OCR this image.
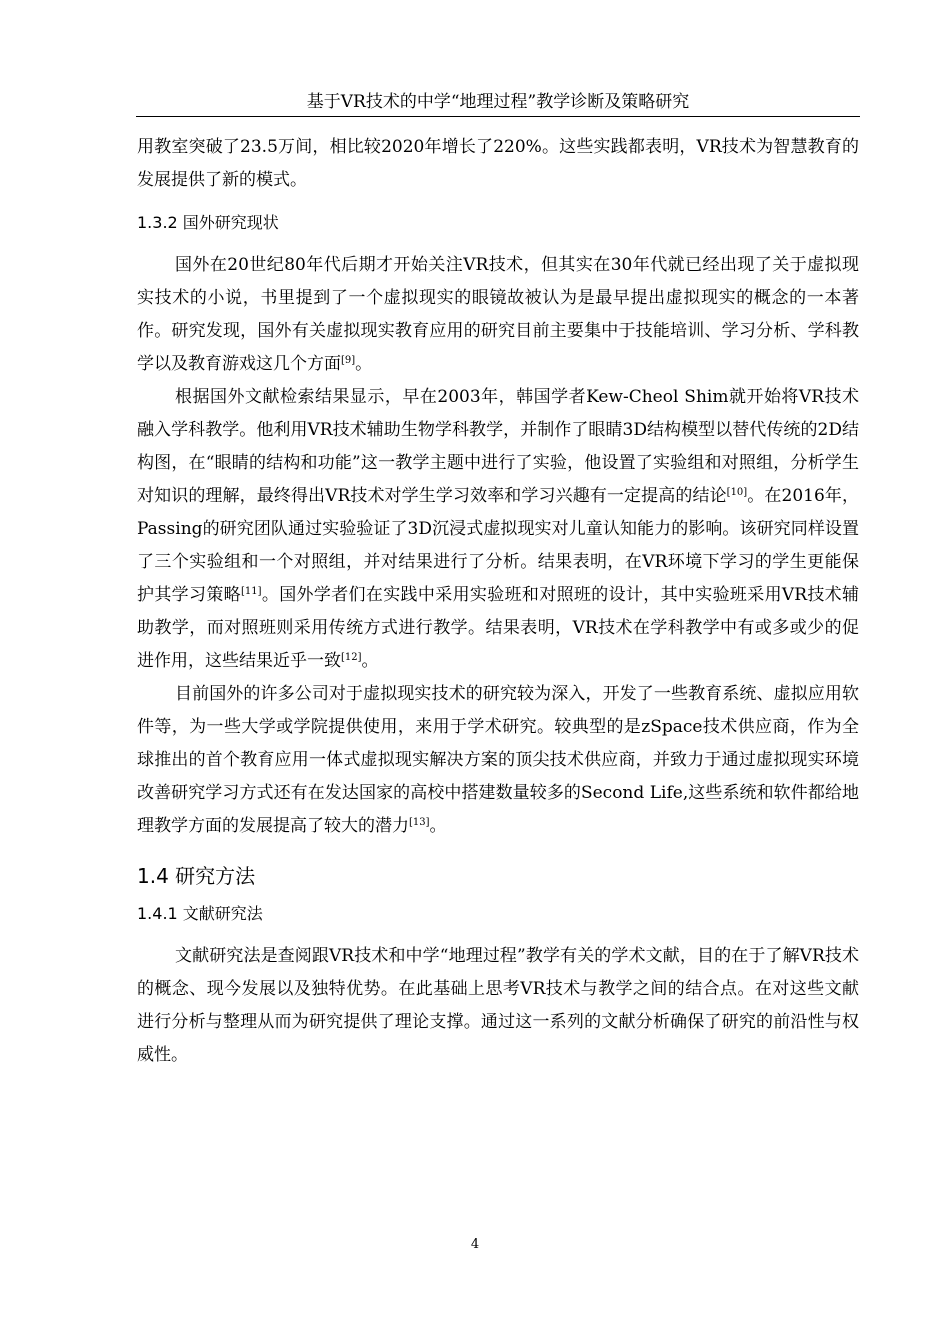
基于VR技术的中学“地理过程”教学诊断及策略研究

用教室突破了23.5万间，相比较2020年增长了220%。这些实践都表明，VR技术为智慧教育的发展提供了新的模式。

1.3.2 国外研究现状

国外在20世纪80年代后期才开始关注VR技术，但其实在30年代就已经出现了关于虚拟现实技术的小说，书里提到了一个虚拟现实的眼镜故被认为是最早提出虚拟现实的概念的一本著作。研究发现，国外有关虚拟现实教育应用的研究目前主要集中于技能培训、学习分析、学科教学以及教育游戏这几个方面[9]。

根据国外文献检索结果显示，早在2003年，韩国学者Kew-Cheol Shim就开始将VR技术融入学科教学。他利用VR技术辅助生物学科教学，并制作了眼睛3D结构模型以替代传统的2D结构图，在“眼睛的结构和功能”这一教学主题中进行了实验，他设置了实验组和对照组，分析学生对知识的理解，最终得出VR技术对学生学习效率和学习兴趣有一定提高的结论[10]。在2016年，Passing的研究团队通过实验验证了3D沉浸式虚拟现实对儿童认知能力的影响。该研究同样设置了三个实验组和一个对照组，并对结果进行了分析。结果表明，在VR环境下学习的学生更能保护其学习策略[11]。国外学者们在实践中采用实验班和对照班的设计，其中实验班采用VR技术辅助教学，而对照班则采用传统方式进行教学。结果表明，VR技术在学科教学中有或多或少的促进作用，这些结果近乎一致[12]。

目前国外的许多公司对于虚拟现实技术的研究较为深入，开发了一些教育系统、虚拟应用软件等，为一些大学或学院提供使用，来用于学术研究。较典型的是zSpace技术供应商，作为全球推出的首个教育应用一体式虚拟现实解决方案的顶尖技术供应商，并致力于通过虚拟现实环境改善研究学习方式还有在发达国家的高校中搭建数量较多的Second Life,这些系统和软件都给地理教学方面的发展提高了较大的潜力[13]。

1.4 研究方法
1.4.1 文献研究法

文献研究法是查阅跟VR技术和中学“地理过程”教学有关的学术文献，目的在于了解VR技术的概念、现今发展以及独特优势。在此基础上思考VR技术与教学之间的结合点。在对这些文献进行分析与整理从而为研究提供了理论支撑。通过这一系列的文献分析确保了研究的前沿性与权威性。

4
